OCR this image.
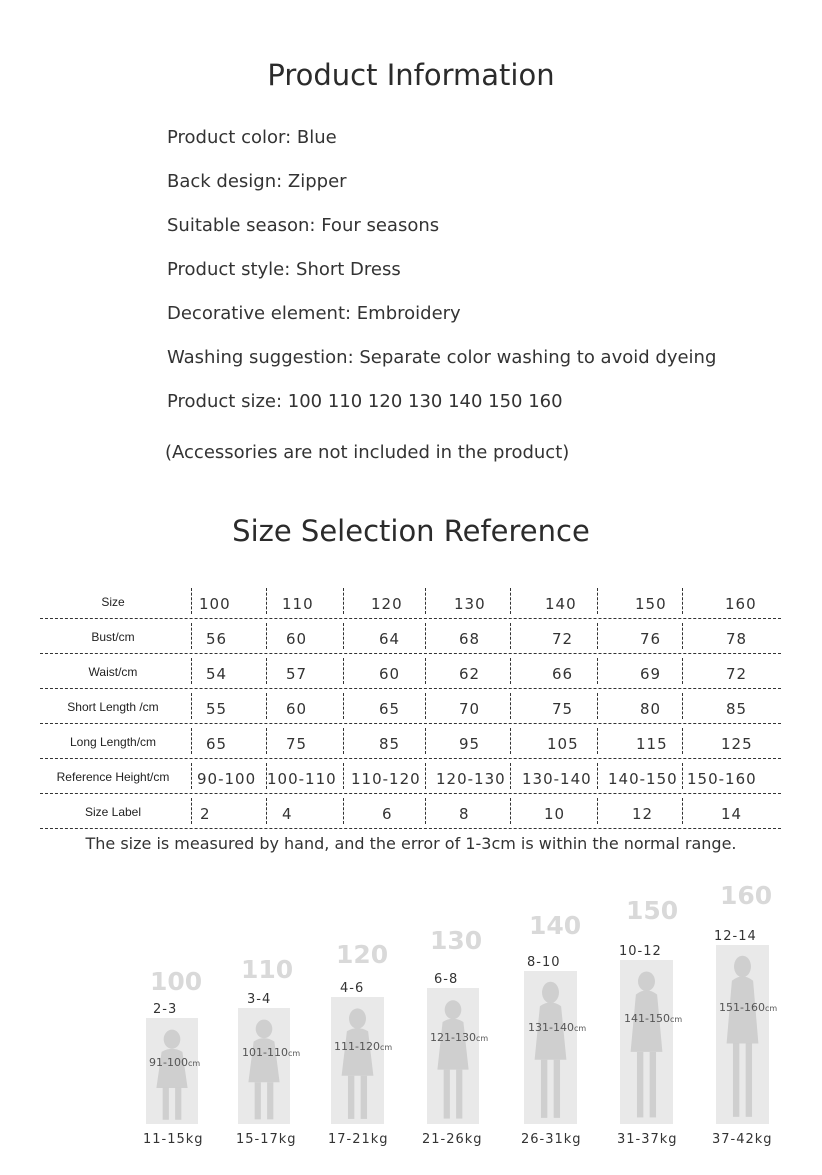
Product Information
Product color: Blue
Back design: Zipper
Suitable season: Four seasons
Product style: Short Dress
Decorative element: Embroidery
Washing suggestion: Separate color washing to avoid dyeing
Product size: 100 110 120 130 140 150 160
(Accessories are not included in the product)
Size Selection Reference
Size	100	110	120	130	140	150	160
Bust/cm	56	60	64	68	72	76	78
Waist/cm	54	57	60	62	66	69	72
Short Length /cm	55	60	65	70	75	80	85
Long Length/cm	65	75	85	95	105	115	125
Reference Height/cm	90-100 100-110 110-120 120-130 130-140 140-150 150-160
Size Label	2	4	6	8	10	12	14
The size is measured by hand, and the error of 1-3cm is within the normal range.
100
2-3
91-100cm
11-15kg
110
3-4
101-110cm
15-17kg
120
4-6
111-120cm
17-21kg
130
6-8
121-130cm
21-26kg
140
8-10
131-140cm
26-31kg
150
10-12
141-150cm
31-37kg
160
12-14
151-160cm
37-42kg
